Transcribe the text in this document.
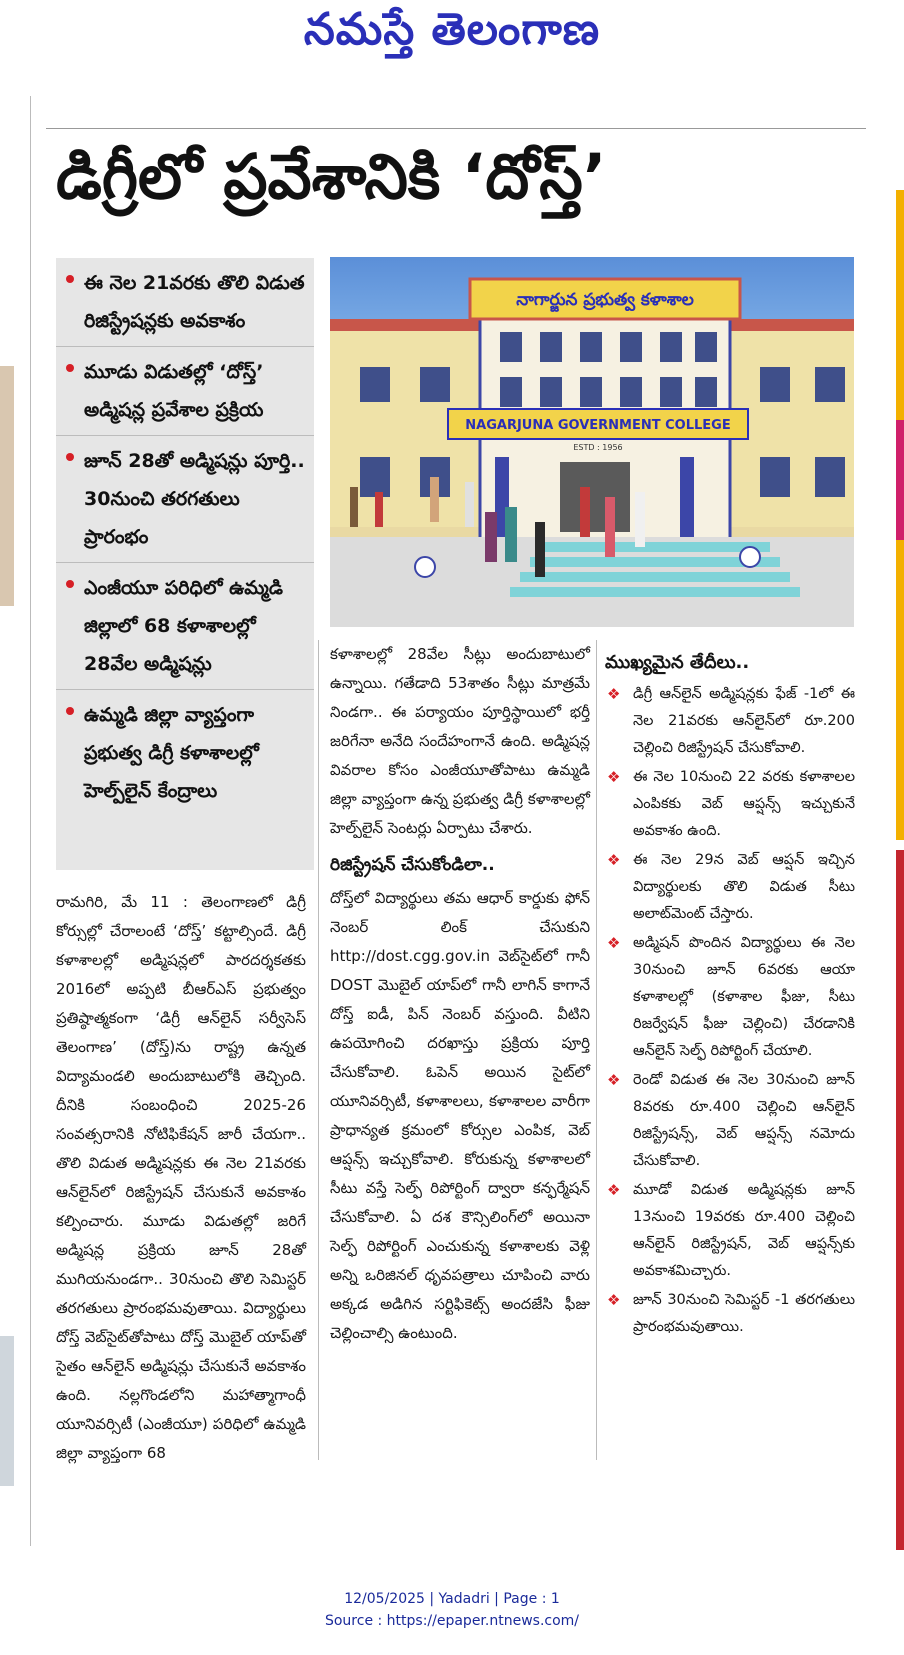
నమస్తే తెలంగాణ
డిగ్రీలో ప్రవేశానికి ‘దోస్త్‌’
ఈ నెల 21వరకు తొలి విడుత రిజిస్ట్రేషన్లకు అవకాశం
మూడు విడుతల్లో ‘దోస్త్‌’ అడ్మిషన్ల ప్రవేశాల ప్రక్రియ
జూన్‌ 28తో అడ్మిషన్లు పూర్తి.. 30నుంచి తరగతులు ప్రారంభం
ఎంజీయూ పరిధిలో ఉమ్మడి జిల్లాలో 68 కళాశాలల్లో 28వేల అడ్మిషన్లు
ఉమ్మడి జిల్లా వ్యాప్తంగా ప్రభుత్వ డిగ్రీ కళాశాలల్లో హెల్ప్‌లైన్‌ కేంద్రాలు
నాగార్జున ప్రభుత్వ కళాశాల
NAGARJUNA GOVERNMENT COLLEGE
ESTD : 1956
రామగిరి, మే 11 : తెలంగాణలో డిగ్రీ కోర్సుల్లో చేరాలంటే ‘దోస్త్‌’ కట్టాల్సిందే. డిగ్రీ కళాశాలల్లో అడ్మిషన్లలో పారదర్శకతకు 2016లో అప్పటి బీఆర్‌ఎస్‌ ప్రభుత్వం ప్రతిష్ఠాత్మకంగా ‘డిగ్రీ ఆన్‌లైన్‌ సర్వీసెస్‌ తెలంగాణ’ (దోస్త్‌)ను రాష్ట్ర ఉన్నత విద్యామండలి అందుబాటులోకి తెచ్చింది. దీనికి సంబంధించి 2025-26 సంవత్సరానికి నోటిఫికేషన్‌ జారీ చేయగా.. తొలి విడుత అడ్మిషన్లకు ఈ నెల 21వరకు ఆన్‌లైన్‌లో రిజిస్ట్రేషన్‌ చేసుకునే అవకాశం కల్పించారు. మూడు విడుతల్లో జరిగే అడ్మిషన్ల ప్రక్రియ జూన్‌ 28తో ముగియనుండగా.. 30నుంచి తొలి సెమిస్టర్‌ తరగతులు ప్రారంభమవుతాయి. విద్యార్థులు దోస్త్‌ వెబ్‌సైట్‌తోపాటు దోస్త్‌ మొబైల్‌ యాప్‌తో సైతం ఆన్‌లైన్‌ అడ్మిషన్లు చేసుకునే అవకాశం ఉంది. నల్లగొండలోని మహాత్మాగాంధీ యూనివర్సిటీ (ఎంజీయూ) పరిధిలో ఉమ్మడి జిల్లా వ్యాప్తంగా 68
కళాశాలల్లో 28వేల సీట్లు అందుబాటులో ఉన్నాయి. గతేడాది 53శాతం సీట్లు మాత్రమే నిండగా.. ఈ పర్యాయం పూర్తిస్థాయిలో భర్తీ జరిగేనా అనేది సందేహంగానే ఉంది. అడ్మిషన్ల వివరాల కోసం ఎంజీయూతోపాటు ఉమ్మడి జిల్లా వ్యాప్తంగా ఉన్న ప్రభుత్వ డిగ్రీ కళాశాలల్లో హెల్ప్‌లైన్‌ సెంటర్లు ఏర్పాటు చేశారు.
రిజిస్ట్రేషన్‌ చేసుకోండిలా..
దోస్త్‌లో విద్యార్థులు తమ ఆధార్‌ కార్డుకు ఫోన్‌ నెంబర్‌ లింక్‌ చేసుకుని http://dost.cgg.gov.in వెబ్‌సైట్‌లో గానీ DOST మొబైల్‌ యాప్‌లో గానీ లాగిన్‌ కాగానే దోస్త్‌ ఐడీ, పిన్‌ నెంబర్‌ వస్తుంది. వీటిని ఉపయోగించి దరఖాస్తు ప్రక్రియ పూర్తి చేసుకోవాలి. ఓపెన్‌ అయిన సైట్‌లో యూనివర్సిటీ, కళాశాలలు, కళాశాలల వారీగా ప్రాధాన్యత క్రమంలో కోర్సుల ఎంపిక, వెబ్‌ ఆప్షన్స్‌ ఇచ్చుకోవాలి. కోరుకున్న కళాశాలలో సీటు వస్తే సెల్ఫ్‌ రిపోర్టింగ్‌ ద్వారా కన్ఫర్మేషన్‌ చేసుకోవాలి. ఏ దశ కౌన్సిలింగ్‌లో అయినా సెల్ఫ్‌ రిపోర్టింగ్‌ ఎంచుకున్న కళాశాలకు వెళ్లి అన్ని ఒరిజినల్‌ ధృవపత్రాలు చూపించి వారు అక్కడ అడిగిన సర్టిఫికెట్స్‌ అందజేసి ఫీజు చెల్లించాల్సి ఉంటుంది.
ముఖ్యమైన తేదీలు..
❖ డిగ్రీ ఆన్‌లైన్‌ అడ్మిషన్లకు ఫేజ్‌ -1లో ఈ నెల 21వరకు ఆన్‌లైన్‌లో రూ.200 చెల్లించి రిజిస్ట్రేషన్‌ చేసుకోవాలి.
❖ ఈ నెల 10నుంచి 22 వరకు కళాశాలల ఎంపికకు వెబ్‌ ఆప్షన్స్‌ ఇచ్చుకునే అవకాశం ఉంది.
❖ ఈ నెల 29న వెబ్‌ ఆప్షన్‌ ఇచ్చిన విద్యార్థులకు తొలి విడుత సీటు అలాట్‌మెంట్‌ చేస్తారు.
❖ అడ్మిషన్‌ పొందిన విద్యార్థులు ఈ నెల 30నుంచి జూన్‌ 6వరకు ఆయా కళాశాలల్లో (కళాశాల ఫీజు, సీటు రిజర్వేషన్‌ ఫీజు చెల్లించి) చేరడానికి ఆన్‌లైన్‌ సెల్ఫ్‌ రిపోర్టింగ్‌ చేయాలి.
❖ రెండో విడుత ఈ నెల 30నుంచి జూన్‌ 8వరకు రూ.400 చెల్లించి ఆన్‌లైన్‌ రిజిస్ట్రేషన్స్‌, వెబ్‌ ఆప్షన్స్‌ నమోదు చేసుకోవాలి.
❖ మూడో విడుత అడ్మిషన్లకు జూన్‌ 13నుంచి 19వరకు రూ.400 చెల్లించి ఆన్‌లైన్‌ రిజిస్ట్రేషన్‌, వెబ్‌ ఆప్షన్స్‌కు అవకాశమిచ్చారు.
❖ జూన్‌ 30నుంచి సెమిస్టర్‌ -1 తరగతులు ప్రారంభమవుతాయి.
12/05/2025 | Yadadri | Page : 1
Source : https://epaper.ntnews.com/
